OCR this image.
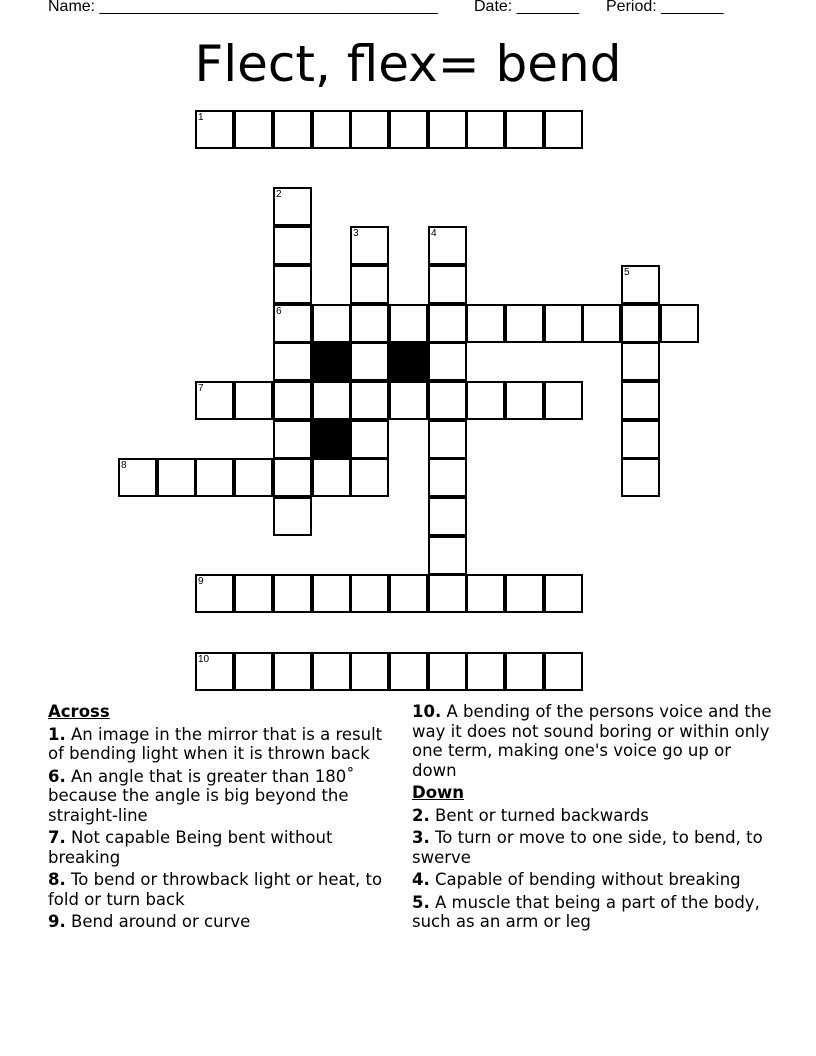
Name: ______________________________________ Date: _______ Period: _______
Flect, flex= bend
1
2
6
3	4
5
7
8
9
10
Across
1. An image in the mirror that is a result of bending light when it is thrown back
6. An angle that is greater than 180˚ because the angle is big beyond the straight-line
7. Not capable Being bent without breaking
8. To bend or throwback light or heat, to fold or turn back
9. Bend around or curve
10. A bending of the persons voice and the way it does not sound boring or within only one term, making one's voice go up or down
Down
2. Bent or turned backwards
3. To turn or move to one side, to bend, to swerve
4. Capable of bending without breaking
5. A muscle that being a part of the body, such as an arm or leg
